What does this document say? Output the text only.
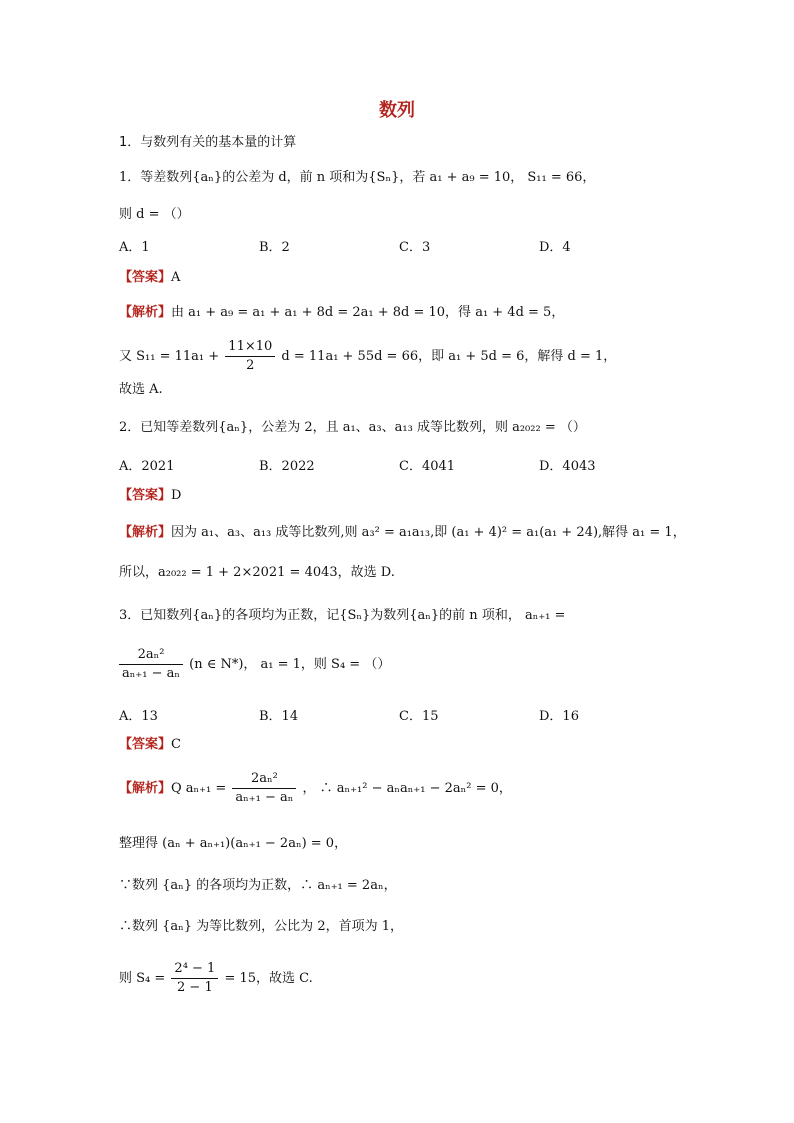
数列
1．与数列有关的基本量的计算
1．等差数列{aₙ}的公差为 d，前 n 项和为{Sₙ}，若 a₁ + a₉ = 10， S₁₁ = 66，
则 d = （）
A．1	B．2	C．3	D．4
【答案】A
【解析】由 a₁ + a₉ = a₁ + a₁ + 8d = 2a₁ + 8d = 10，得 a₁ + 4d = 5，
又 $S_{11} = 11a_1 + \frac{11\times 10}{2}$ d = 11a₁ + 55d = 66，即 a₁ + 5d = 6，解得 d = 1，
故选 A.
2．已知等差数列{aₙ}，公差为 2，且 a₁、a₃、a₁₃ 成等比数列，则 a₂₀₂₂ = （）
A．2021	B．2022	C．4041	D．4043
【答案】D
【解析】因为 a₁、a₃、a₁₃ 成等比数列,则 a₃² = a₁a₁₃,即 (a₁ + 4)² = a₁(a₁ + 24),解得 a₁ = 1，
所以，a₂₀₂₂ = 1 + 2×2021 = 4043，故选 D.
3．已知数列{aₙ}的各项均为正数，记{Sₙ}为数列{aₙ}的前 n 项和， aₙ₊₁ =
$\frac{\text{2aₙ²}}{\text{aₙ₊₁ − aₙ}} (n$ ∈ N*)， a₁ = 1，则 S₄ = （）
A．13	B．14	C．15	D．16
【答案】C
【解析】Q $a_{n+1} = \frac{\text{2aₙ²}}{\text{aₙ₊₁ − aₙ}}$ ， ∴ aₙ₊₁² − aₙaₙ₊₁ − 2aₙ² = 0，
整理得 (aₙ + aₙ₊₁)(aₙ₊₁ − 2aₙ) = 0，
∵数列 {aₙ} 的各项均为正数，∴ aₙ₊₁ = 2aₙ，
∴数列 {aₙ} 为等比数列，公比为 2，首项为 1，
则 $S_4 = \frac{\text{2⁴ − 1}}{2 - 1} = 15$，故选 C.
